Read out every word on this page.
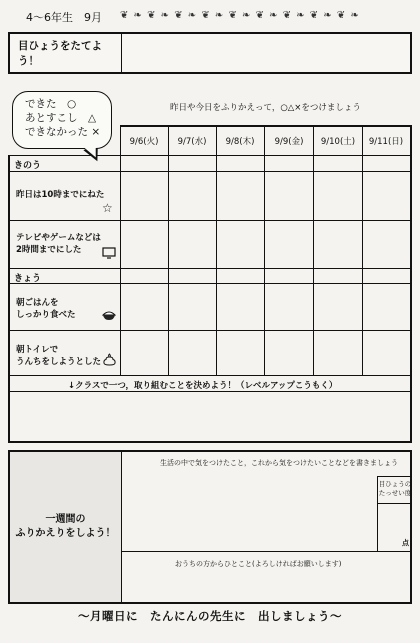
4〜6年生　9月 ❦ ❧ ❦ ❧ ❦ ❧ ❦ ❧ ❦ ❧ ❦ ❧ ❦ ❧ ❦ ❧ ❦ ❧
目ひょうをたてよう！
できた　○
あとすこし　△
できなかった ×
昨日や今日をふりかえって，○△×をつけましょう
9/6(火)	9/7(水)	9/8(木)	9/9(金)	9/10(土)	9/11(日)
きのう
昨日は10時までにねた
☆
テレビやゲームなどは
2時間までにした
きょう
朝ごはんを
しっかり食べた
朝トイレで
うんちをしようとした
↓クラスで一つ，取り組むことを決めよう！（レベルアップこうもく）
一週間の
ふりかえりをしよう！
生活の中で気をつけたこと，これから気をつけたいことなどを書きましょう
目ひょうの
たっせい度
点
おうちの方からひとこと(よろしければお願いします)
〜月曜日に　たんにんの先生に　出しましょう〜
